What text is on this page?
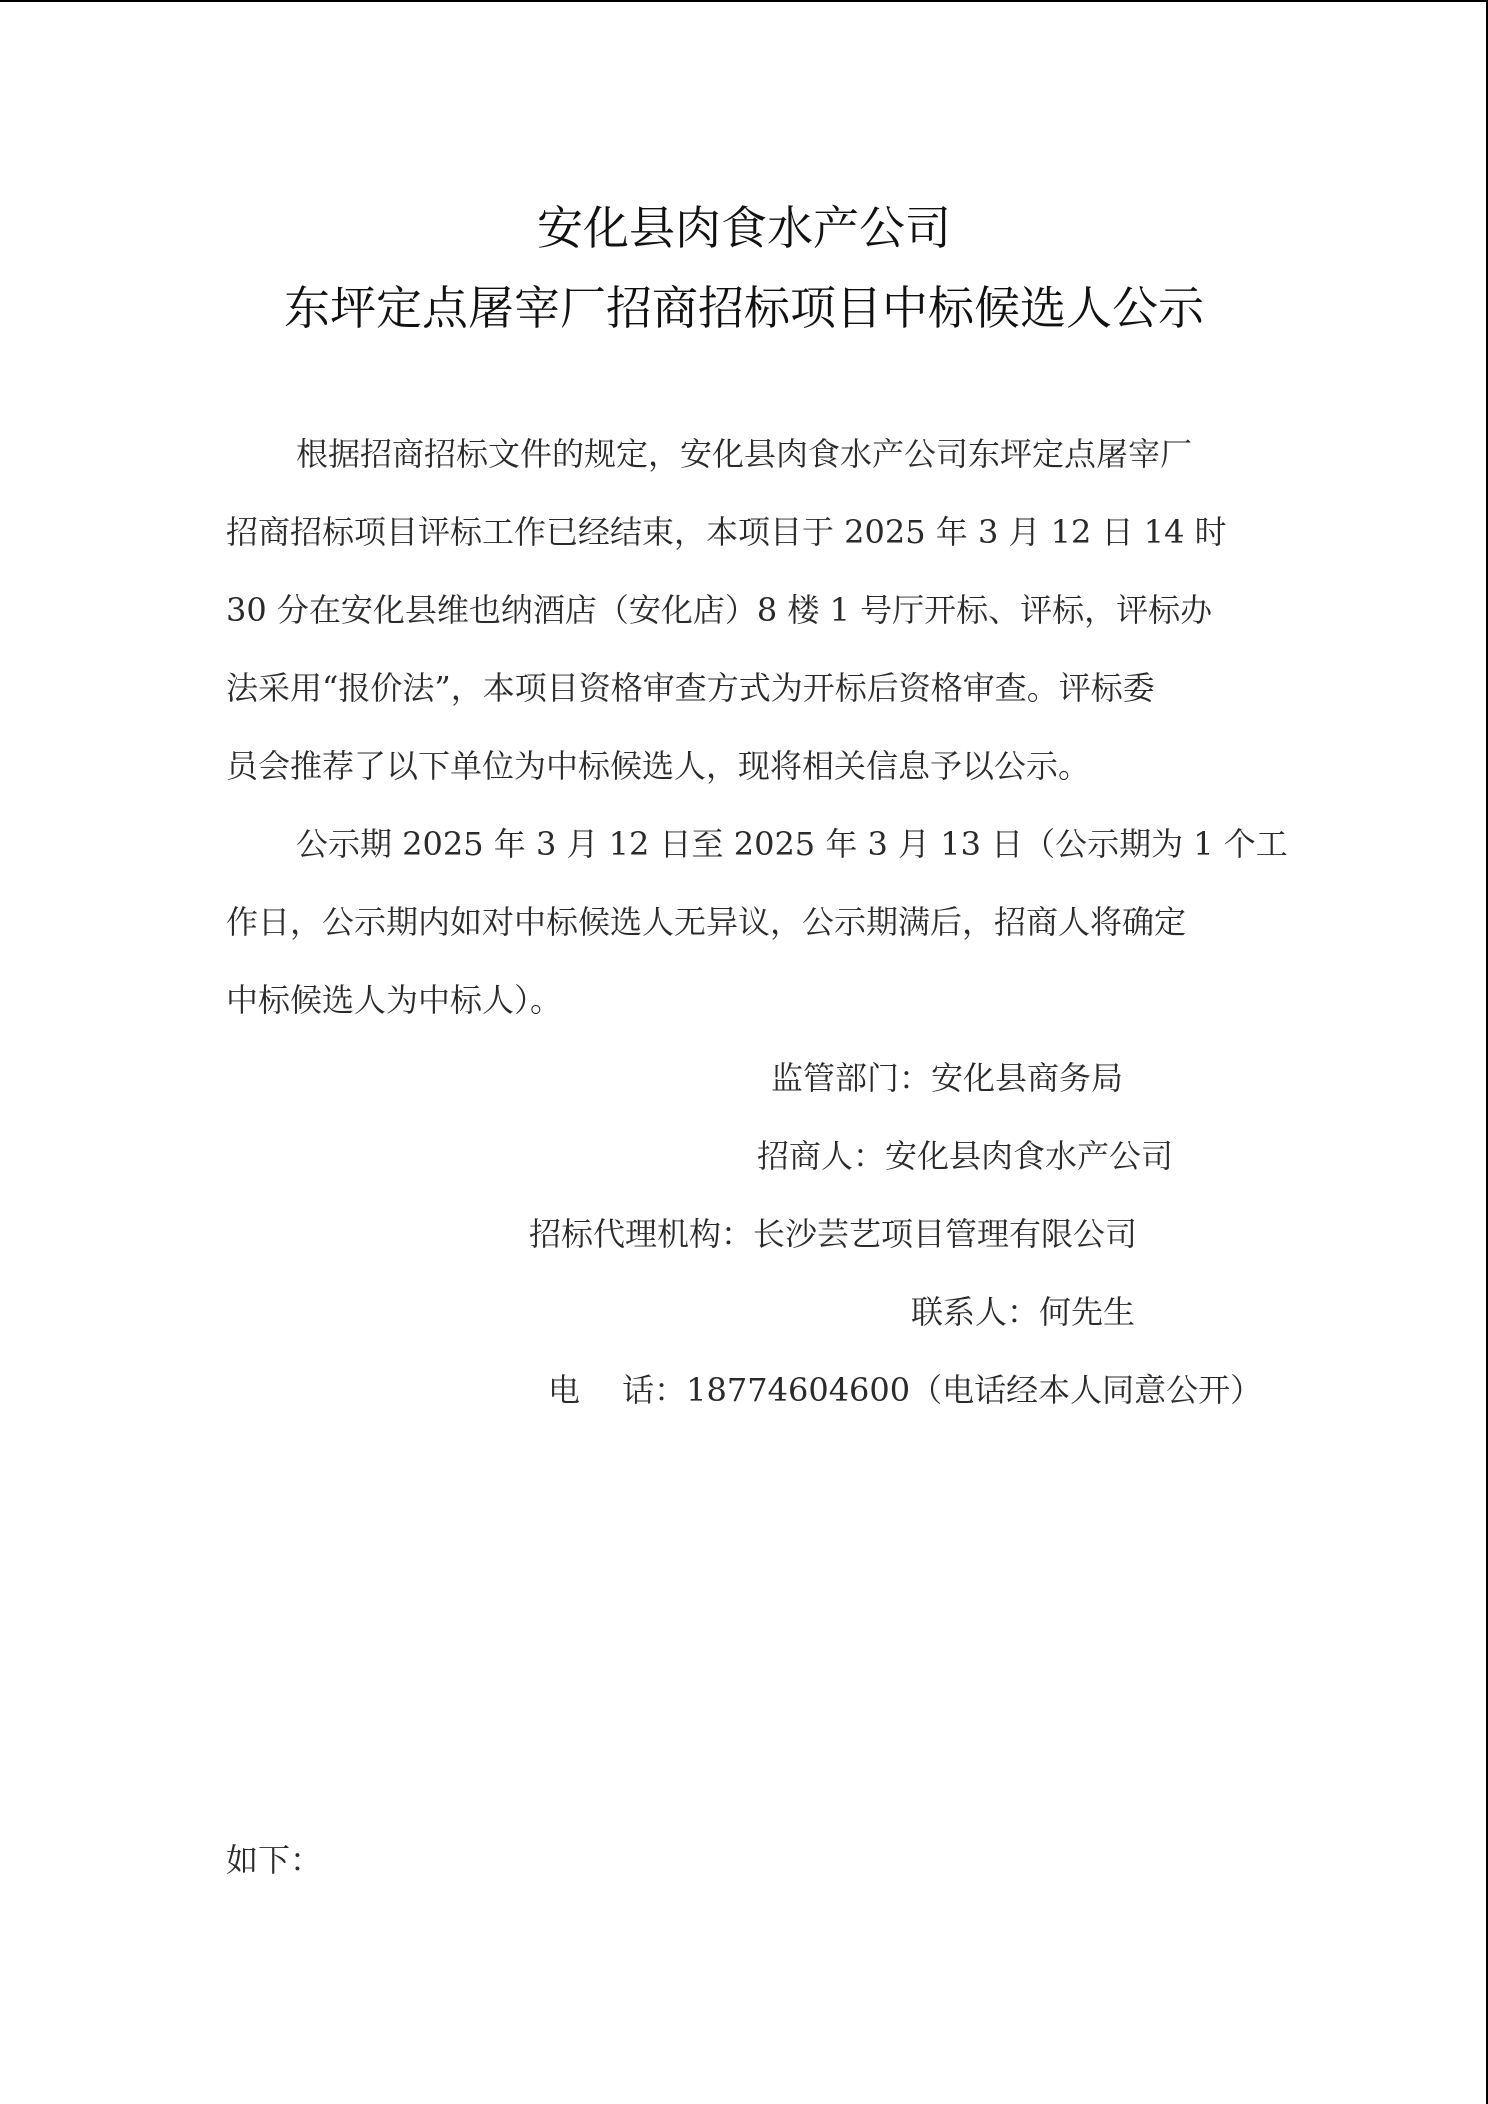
安化县肉食水产公司
东坪定点屠宰厂招商招标项目中标候选人公示
根据招商招标文件的规定，安化县肉食水产公司东坪定点屠宰厂
招商招标项目评标工作已经结束，本项目于 2025 年 3 月 12 日 14 时
30 分在安化县维也纳酒店（安化店）8 楼 1 号厅开标、评标，评标办
法采用“报价法”，本项目资格审查方式为开标后资格审查。评标委
员会推荐了以下单位为中标候选人，现将相关信息予以公示。
公示期 2025 年 3 月 12 日至 2025 年 3 月 13 日（公示期为 1 个工
作日，公示期内如对中标候选人无异议，公示期满后，招商人将确定
中标候选人为中标人）。
监管部门：安化县商务局
招商人：安化县肉食水产公司
招标代理机构：长沙芸艺项目管理有限公司
联系人：何先生
电　 话：18774604600（电话经本人同意公开）
如下：
